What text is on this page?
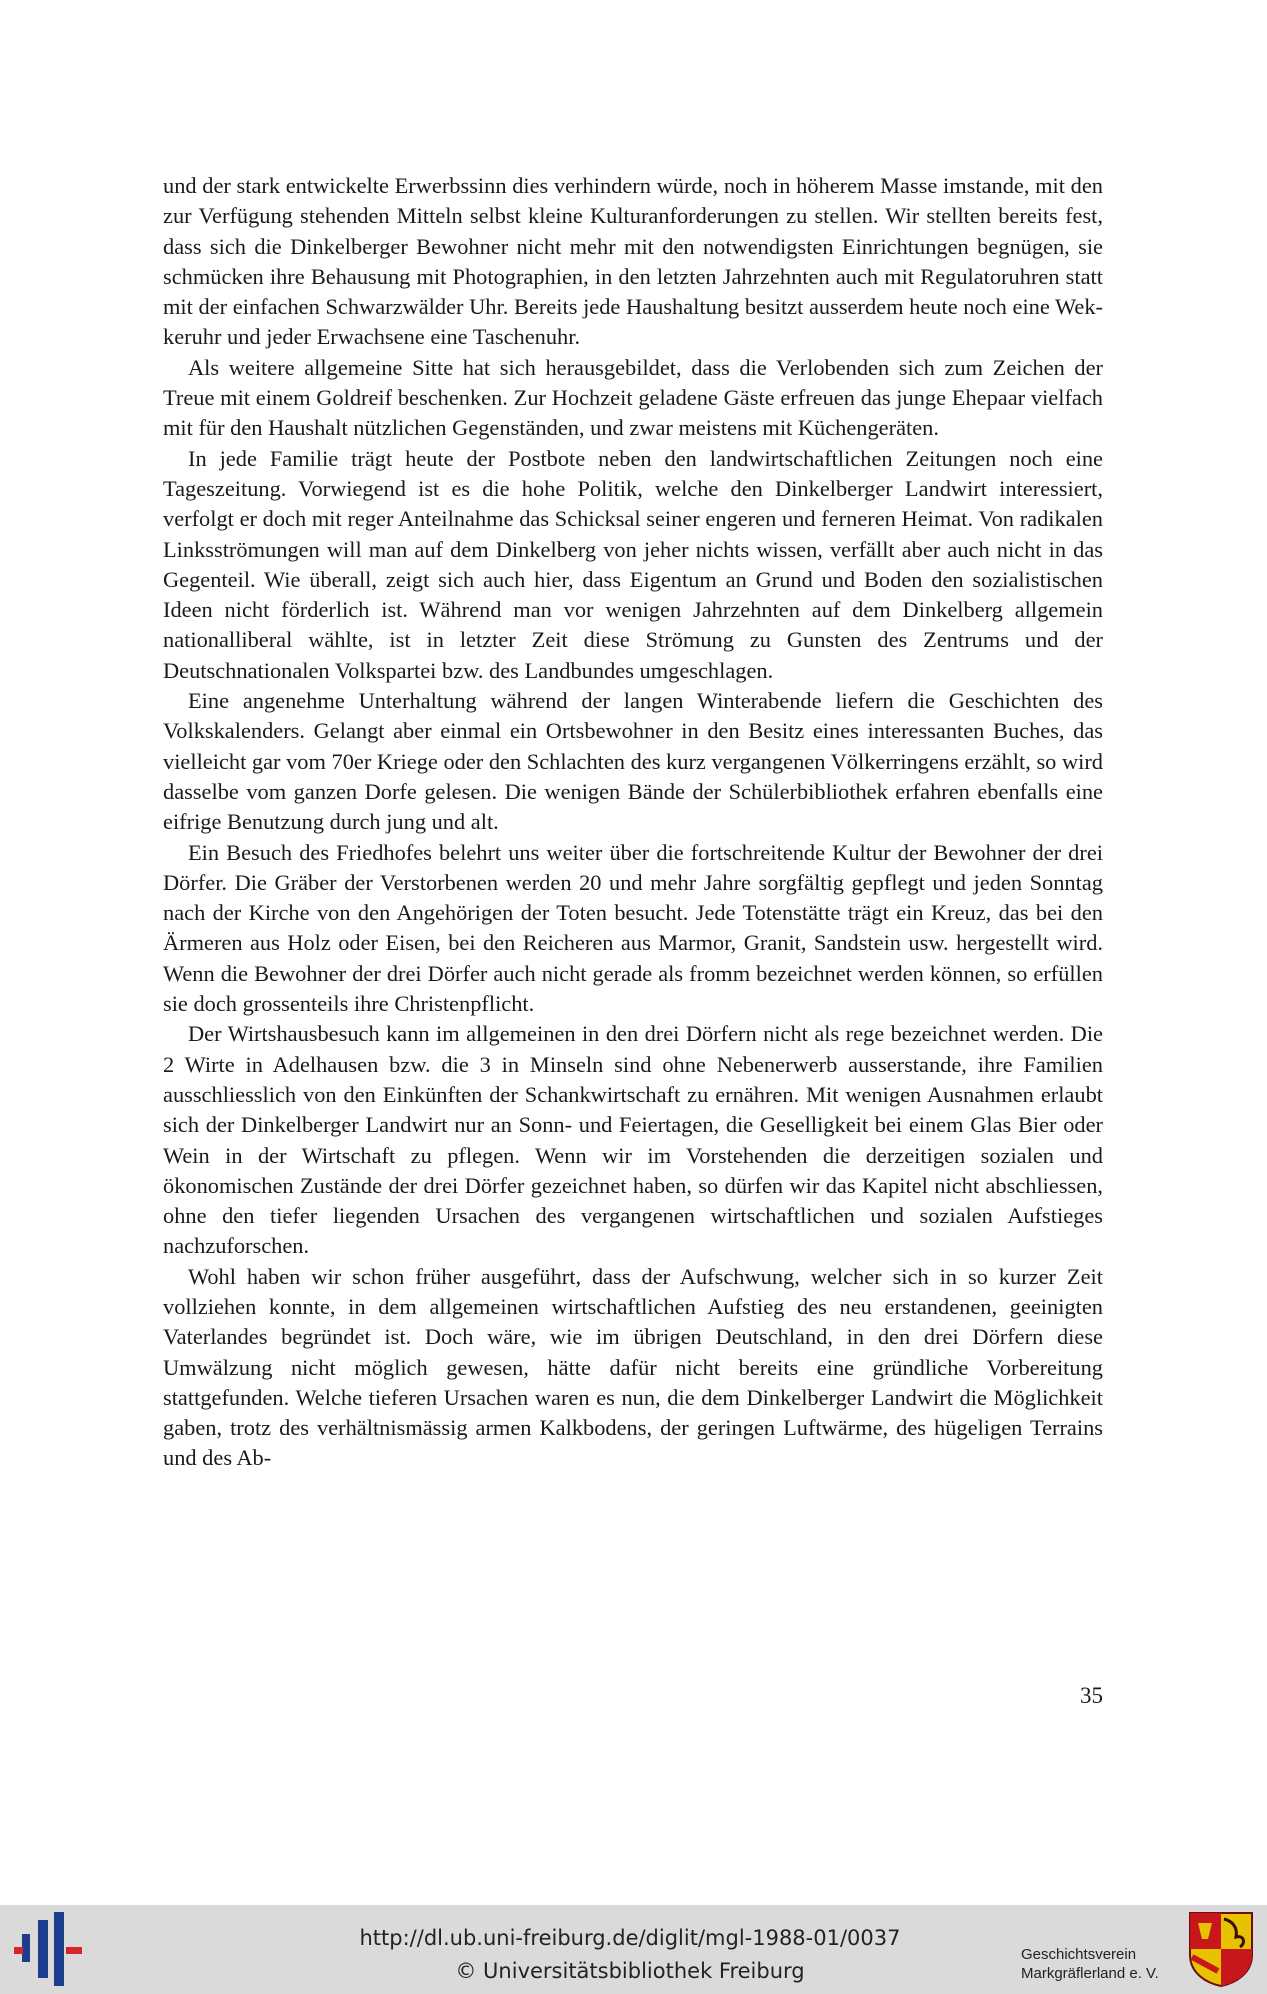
und der stark entwickelte Erwerbssinn dies verhindern würde, noch in höherem Masse imstande, mit den zur Verfügung stehenden Mitteln selbst kleine Kulturanforderungen zu stellen. Wir stellten bereits fest, dass sich die Dinkelberger Bewohner nicht mehr mit den notwendigsten Einrichtungen begnügen, sie schmücken ihre Behausung mit Photographien, in den letzten Jahrzehnten auch mit Regulatoruhren statt mit der einfachen Schwarzwälder Uhr. Bereits jede Haushaltung besitzt ausserdem heute noch eine Wekkeruhr und jeder Erwachsene eine Taschenuhr.

Als weitere allgemeine Sitte hat sich herausgebildet, dass die Verlobenden sich zum Zeichen der Treue mit einem Goldreif beschenken. Zur Hochzeit geladene Gäste erfreuen das junge Ehepaar vielfach mit für den Haushalt nützlichen Gegenständen, und zwar meistens mit Küchengeräten.

In jede Familie trägt heute der Postbote neben den landwirtschaftlichen Zeitungen noch eine Tageszeitung. Vorwiegend ist es die hohe Politik, welche den Dinkelberger Landwirt interessiert, verfolgt er doch mit reger Anteilnahme das Schicksal seiner engeren und ferneren Heimat. Von radikalen Linksströmungen will man auf dem Dinkelberg von jeher nichts wissen, verfällt aber auch nicht in das Gegenteil. Wie überall, zeigt sich auch hier, dass Eigentum an Grund und Boden den sozialistischen Ideen nicht förderlich ist. Während man vor wenigen Jahrzehnten auf dem Dinkelberg allgemein nationalliberal wählte, ist in letzter Zeit diese Strömung zu Gunsten des Zentrums und der Deutschnationalen Volkspartei bzw. des Landbundes umgeschlagen.

Eine angenehme Unterhaltung während der langen Winterabende liefern die Geschichten des Volkskalenders. Gelangt aber einmal ein Ortsbewohner in den Besitz eines interessanten Buches, das vielleicht gar vom 70er Kriege oder den Schlachten des kurz vergangenen Völkerringens erzählt, so wird dasselbe vom ganzen Dorfe gelesen. Die wenigen Bände der Schülerbibliothek erfahren ebenfalls eine eifrige Benutzung durch jung und alt.

Ein Besuch des Friedhofes belehrt uns weiter über die fortschreitende Kultur der Bewohner der drei Dörfer. Die Gräber der Verstorbenen werden 20 und mehr Jahre sorgfältig gepflegt und jeden Sonntag nach der Kirche von den Angehörigen der Toten besucht. Jede Totenstätte trägt ein Kreuz, das bei den Ärmeren aus Holz oder Eisen, bei den Reicheren aus Marmor, Granit, Sandstein usw. hergestellt wird. Wenn die Bewohner der drei Dörfer auch nicht gerade als fromm bezeichnet werden können, so erfüllen sie doch grossenteils ihre Christenpflicht.

Der Wirtshausbesuch kann im allgemeinen in den drei Dörfern nicht als rege bezeichnet werden. Die 2 Wirte in Adelhausen bzw. die 3 in Minseln sind ohne Nebenerwerb ausserstande, ihre Familien ausschliesslich von den Einkünften der Schankwirtschaft zu ernähren. Mit wenigen Ausnahmen erlaubt sich der Dinkelberger Landwirt nur an Sonn- und Feiertagen, die Geselligkeit bei einem Glas Bier oder Wein in der Wirtschaft zu pflegen. Wenn wir im Vorstehenden die derzeitigen sozialen und ökonomischen Zustände der drei Dörfer gezeichnet haben, so dürfen wir das Kapitel nicht abschliessen, ohne den tiefer liegenden Ursachen des vergangenen wirtschaftlichen und sozialen Aufstieges nachzuforschen.

Wohl haben wir schon früher ausgeführt, dass der Aufschwung, welcher sich in so kurzer Zeit vollziehen konnte, in dem allgemeinen wirtschaftlichen Aufstieg des neu erstandenen, geeinigten Vaterlandes begründet ist. Doch wäre, wie im übrigen Deutschland, in den drei Dörfern diese Umwälzung nicht möglich gewesen, hätte dafür nicht bereits eine gründliche Vorbereitung stattgefunden. Welche tieferen Ursachen waren es nun, die dem Dinkelberger Landwirt die Möglichkeit gaben, trotz des verhältnismässig armen Kalkbodens, der geringen Luftwärme, des hügeligen Terrains und des Ab-

35

http://dl.ub.uni-freiburg.de/diglit/mgl-1988-01/0037
© Universitätsbibliothek Freiburg
Geschichtsverein
Markgräflerland e. V.
